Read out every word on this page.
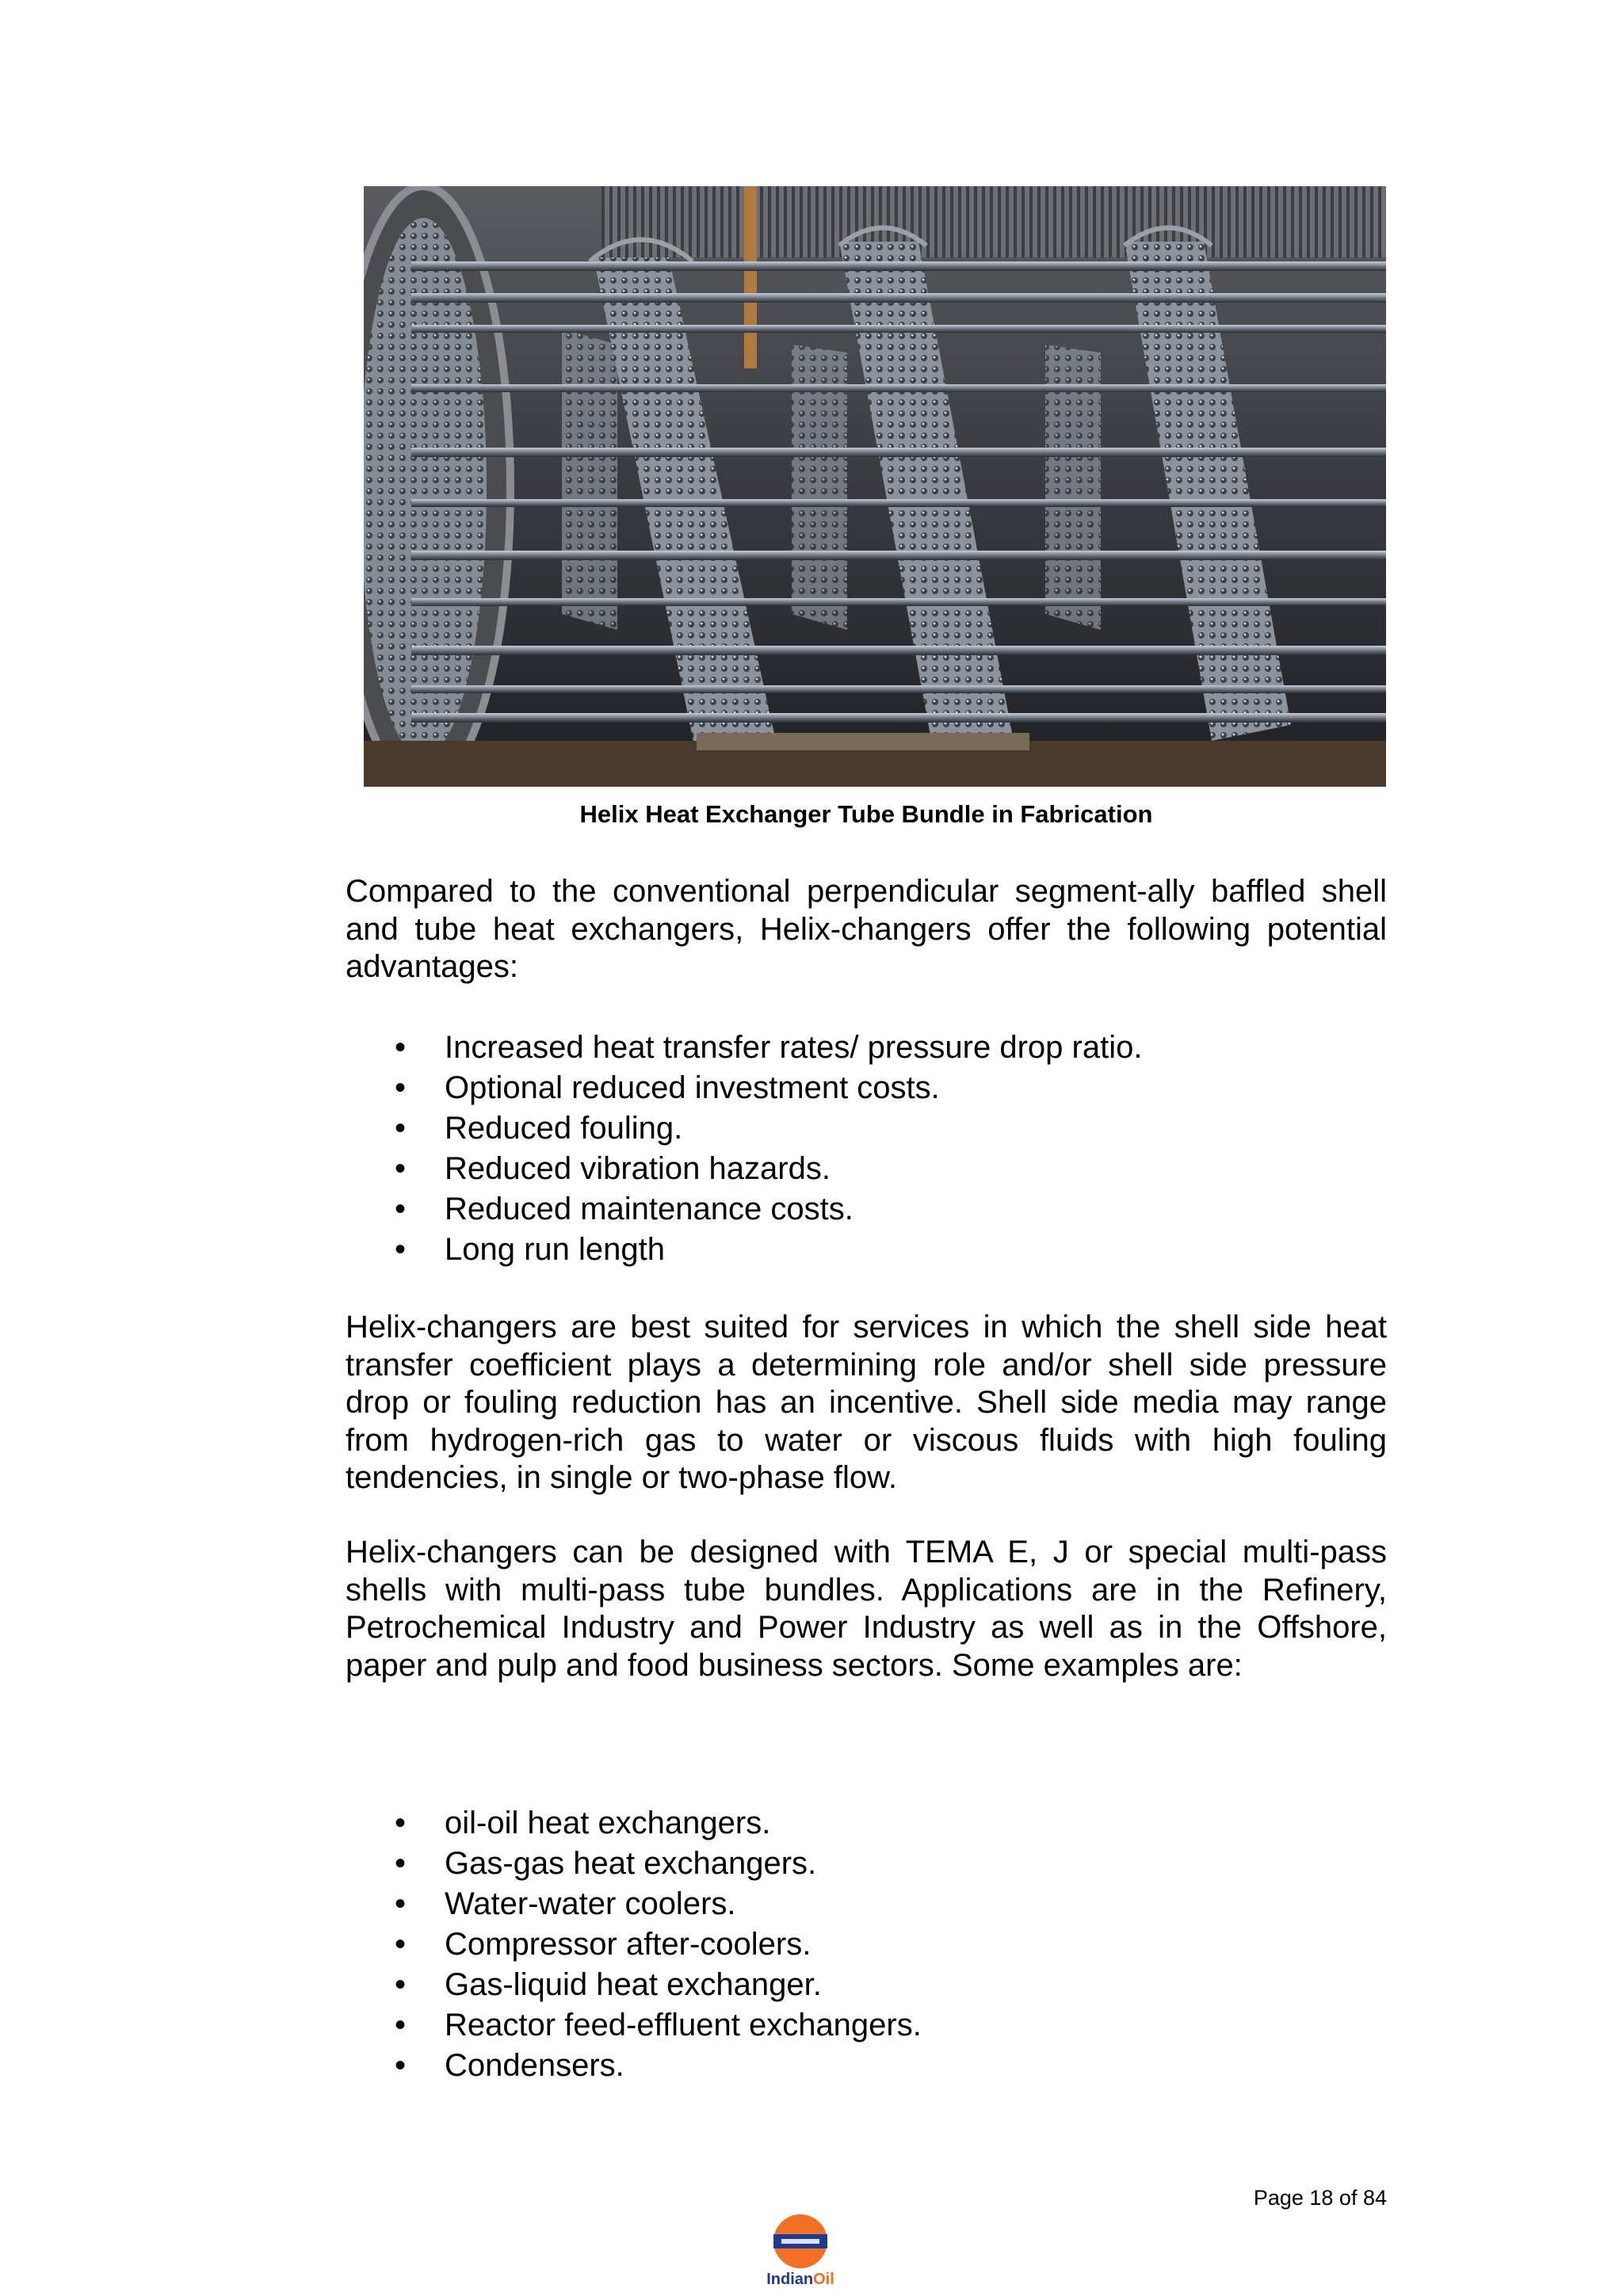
Helix Heat Exchanger Tube Bundle in Fabrication

Compared to the conventional perpendicular segment-ally baffled shell and tube heat exchangers, Helix-changers offer the following potential advantages:

• Increased heat transfer rates/ pressure drop ratio.
• Optional reduced investment costs.
• Reduced fouling.
• Reduced vibration hazards.
• Reduced maintenance costs.
• Long run length

Helix-changers are best suited for services in which the shell side heat transfer coefficient plays a determining role and/or shell side pressure drop or fouling reduction has an incentive. Shell side media may range from hydrogen-rich gas to water or viscous fluids with high fouling tendencies, in single or two-phase flow.

Helix-changers can be designed with TEMA E, J or special multi-pass shells with multi-pass tube bundles. Applications are in the Refinery, Petrochemical Industry and Power Industry as well as in the Offshore, paper and pulp and food business sectors. Some examples are:

• oil-oil heat exchangers.
• Gas-gas heat exchangers.
• Water-water coolers.
• Compressor after-coolers.
• Gas-liquid heat exchanger.
• Reactor feed-effluent exchangers.
• Condensers.
Page 18 of 84
IndianOil
